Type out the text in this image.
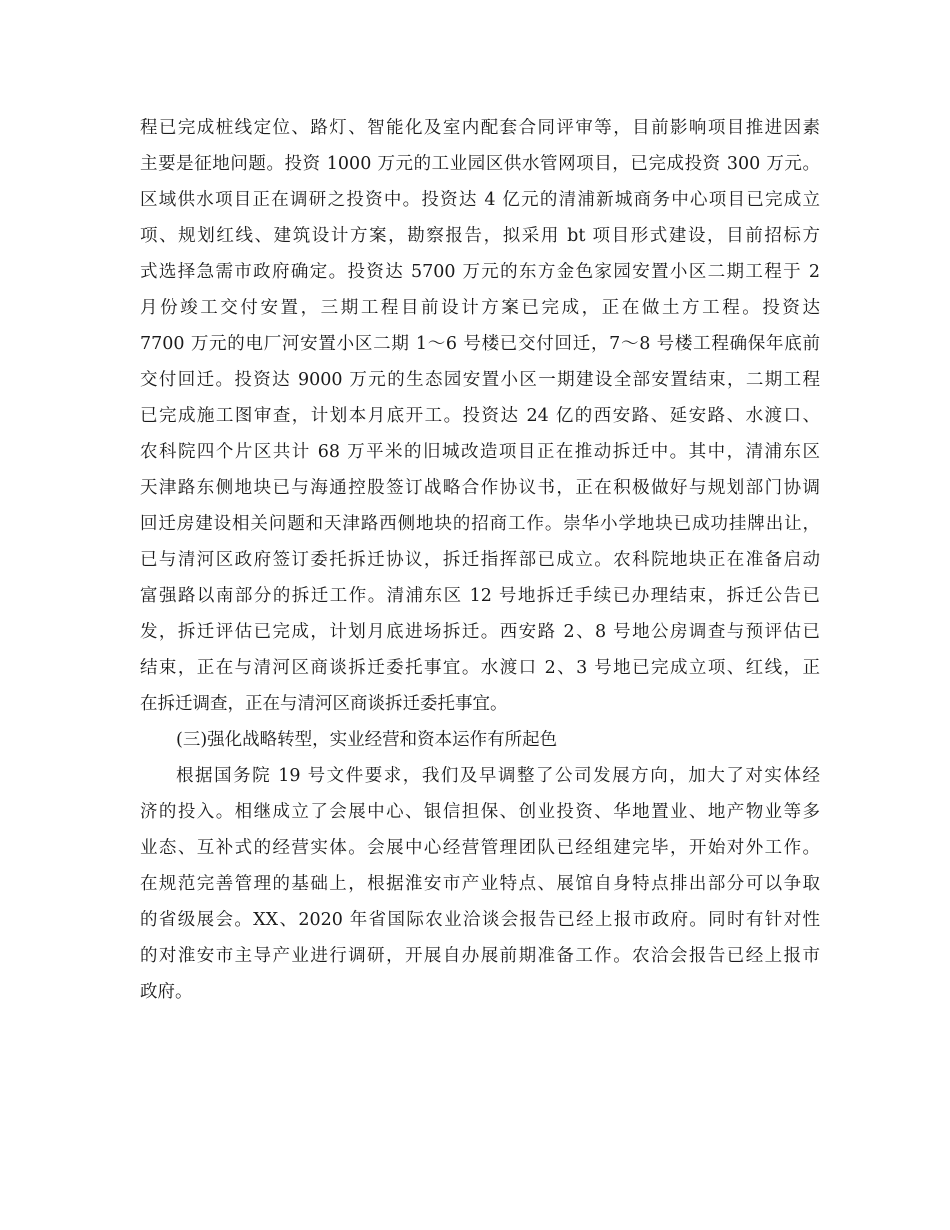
程已完成桩线定位、路灯、智能化及室内配套合同评审等，目前影响项目推进因素
主要是征地问题。投资 1000 万元的工业园区供水管网项目，已完成投资 300 万元。
区域供水项目正在调研之投资中。投资达 4 亿元的清浦新城商务中心项目已完成立
项、规划红线、建筑设计方案，勘察报告，拟采用 bt 项目形式建设，目前招标方
式选择急需市政府确定。投资达 5700 万元的东方金色家园安置小区二期工程于 2
月份竣工交付安置，三期工程目前设计方案已完成，正在做土方工程。投资达
7700 万元的电厂河安置小区二期 1～6 号楼已交付回迁，7～8 号楼工程确保年底前
交付回迁。投资达 9000 万元的生态园安置小区一期建设全部安置结束，二期工程
已完成施工图审查，计划本月底开工。投资达 24 亿的西安路、延安路、水渡口、
农科院四个片区共计 68 万平米的旧城改造项目正在推动拆迁中。其中，清浦东区
天津路东侧地块已与海通控股签订战略合作协议书，正在积极做好与规划部门协调
回迁房建设相关问题和天津路西侧地块的招商工作。崇华小学地块已成功挂牌出让，
已与清河区政府签订委托拆迁协议，拆迁指挥部已成立。农科院地块正在准备启动
富强路以南部分的拆迁工作。清浦东区 12 号地拆迁手续已办理结束，拆迁公告已
发，拆迁评估已完成，计划月底进场拆迁。西安路 2、8 号地公房调查与预评估已
结束，正在与清河区商谈拆迁委托事宜。水渡口 2、3 号地已完成立项、红线，正
在拆迁调查，正在与清河区商谈拆迁委托事宜。
(三)强化战略转型，实业经营和资本运作有所起色
根据国务院 19 号文件要求，我们及早调整了公司发展方向，加大了对实体经
济的投入。相继成立了会展中心、银信担保、创业投资、华地置业、地产物业等多
业态、互补式的经营实体。会展中心经营管理团队已经组建完毕，开始对外工作。
在规范完善管理的基础上，根据淮安市产业特点、展馆自身特点排出部分可以争取
的省级展会。XX、2020 年省国际农业洽谈会报告已经上报市政府。同时有针对性
的对淮安市主导产业进行调研，开展自办展前期准备工作。农洽会报告已经上报市
政府。
